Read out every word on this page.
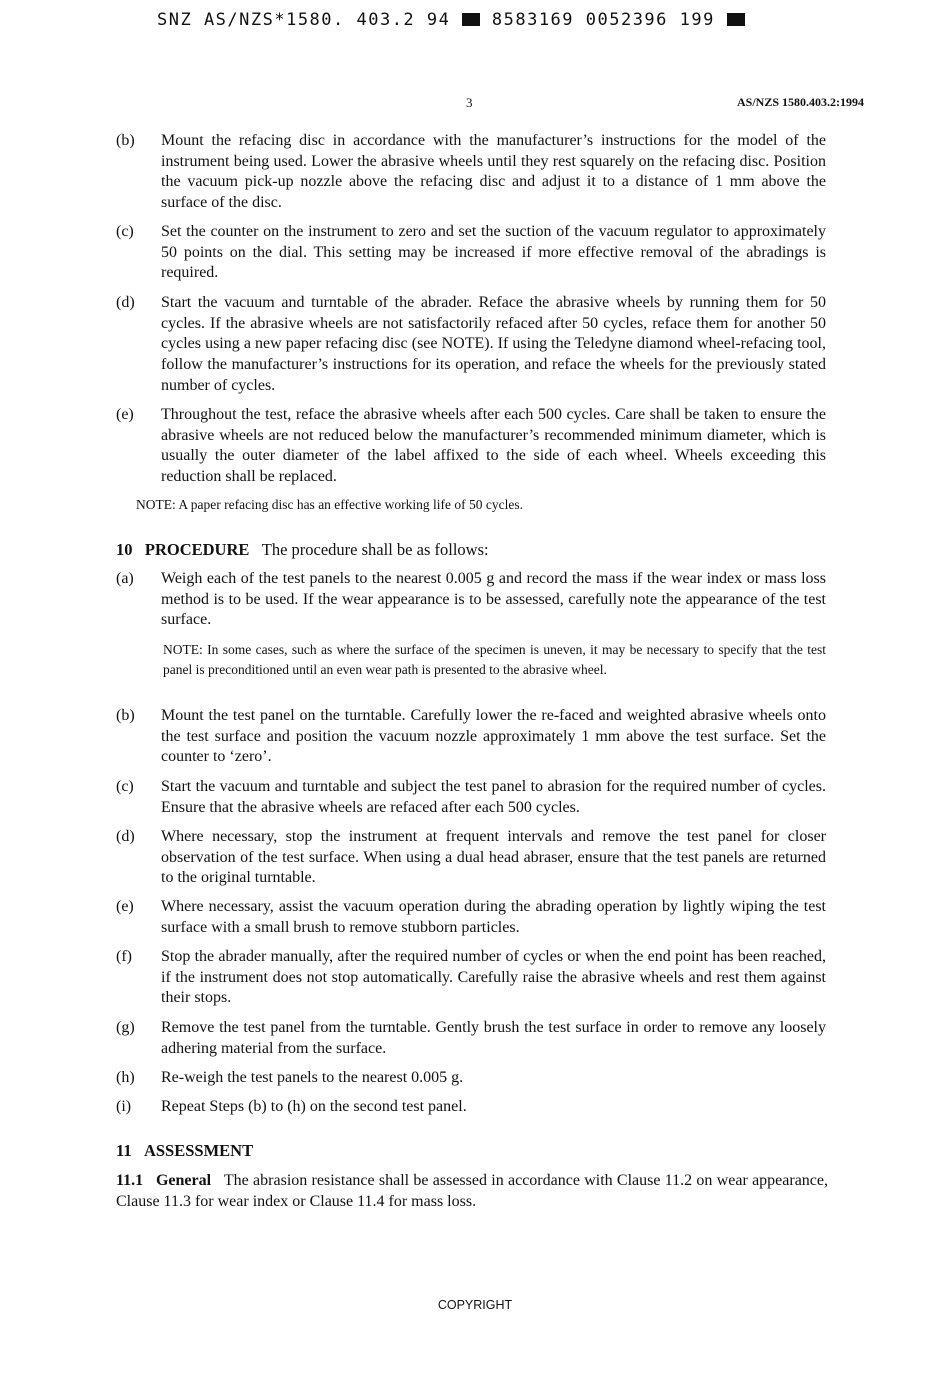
SNZ AS/NZS*1580. 403.2 94 8583169 0052396 199
3	AS/NZS 1580.403.2:1994
(b)	Mount the refacing disc in accordance with the manufacturer’s instructions for the model of the instrument being used. Lower the abrasive wheels until they rest squarely on the refacing disc. Position the vacuum pick-up nozzle above the refacing disc and adjust it to a distance of 1 mm above the surface of the disc.
(c)	Set the counter on the instrument to zero and set the suction of the vacuum regulator to approximately 50 points on the dial. This setting may be increased if more effective removal of the abradings is required.
(d)	Start the vacuum and turntable of the abrader. Reface the abrasive wheels by running them for 50 cycles. If the abrasive wheels are not satisfactorily refaced after 50 cycles, reface them for another 50 cycles using a new paper refacing disc (see NOTE). If using the Teledyne diamond wheel-refacing tool, follow the manufacturer’s instructions for its operation, and reface the wheels for the previously stated number of cycles.
(e)	Throughout the test, reface the abrasive wheels after each 500 cycles. Care shall be taken to ensure the abrasive wheels are not reduced below the manufacturer’s recommended minimum diameter, which is usually the outer diameter of the label affixed to the side of each wheel. Wheels exceeding this reduction shall be replaced.
NOTE: A paper refacing disc has an effective working life of 50 cycles.
10 PROCEDURE The procedure shall be as follows:
(a)	Weigh each of the test panels to the nearest 0.005 g and record the mass if the wear index or mass loss method is to be used. If the wear appearance is to be assessed, carefully note the appearance of the test surface.
NOTE: In some cases, such as where the surface of the specimen is uneven, it may be necessary to specify that the test panel is preconditioned until an even wear path is presented to the abrasive wheel.
(b)	Mount the test panel on the turntable. Carefully lower the re-faced and weighted abrasive wheels onto the test surface and position the vacuum nozzle approximately 1 mm above the test surface. Set the counter to ‘zero’.
(c)	Start the vacuum and turntable and subject the test panel to abrasion for the required number of cycles. Ensure that the abrasive wheels are refaced after each 500 cycles.
(d)	Where necessary, stop the instrument at frequent intervals and remove the test panel for closer observation of the test surface. When using a dual head abraser, ensure that the test panels are returned to the original turntable.
(e)	Where necessary, assist the vacuum operation during the abrading operation by lightly wiping the test surface with a small brush to remove stubborn particles.
(f)	Stop the abrader manually, after the required number of cycles or when the end point has been reached, if the instrument does not stop automatically. Carefully raise the abrasive wheels and rest them against their stops.
(g)	Remove the test panel from the turntable. Gently brush the test surface in order to remove any loosely adhering material from the surface.
(h)	Re-weigh the test panels to the nearest 0.005 g.
(i)	Repeat Steps (b) to (h) on the second test panel.
11 ASSESSMENT
11.1 General The abrasion resistance shall be assessed in accordance with Clause 11.2 on wear appearance, Clause 11.3 for wear index or Clause 11.4 for mass loss.
COPYRIGHT
